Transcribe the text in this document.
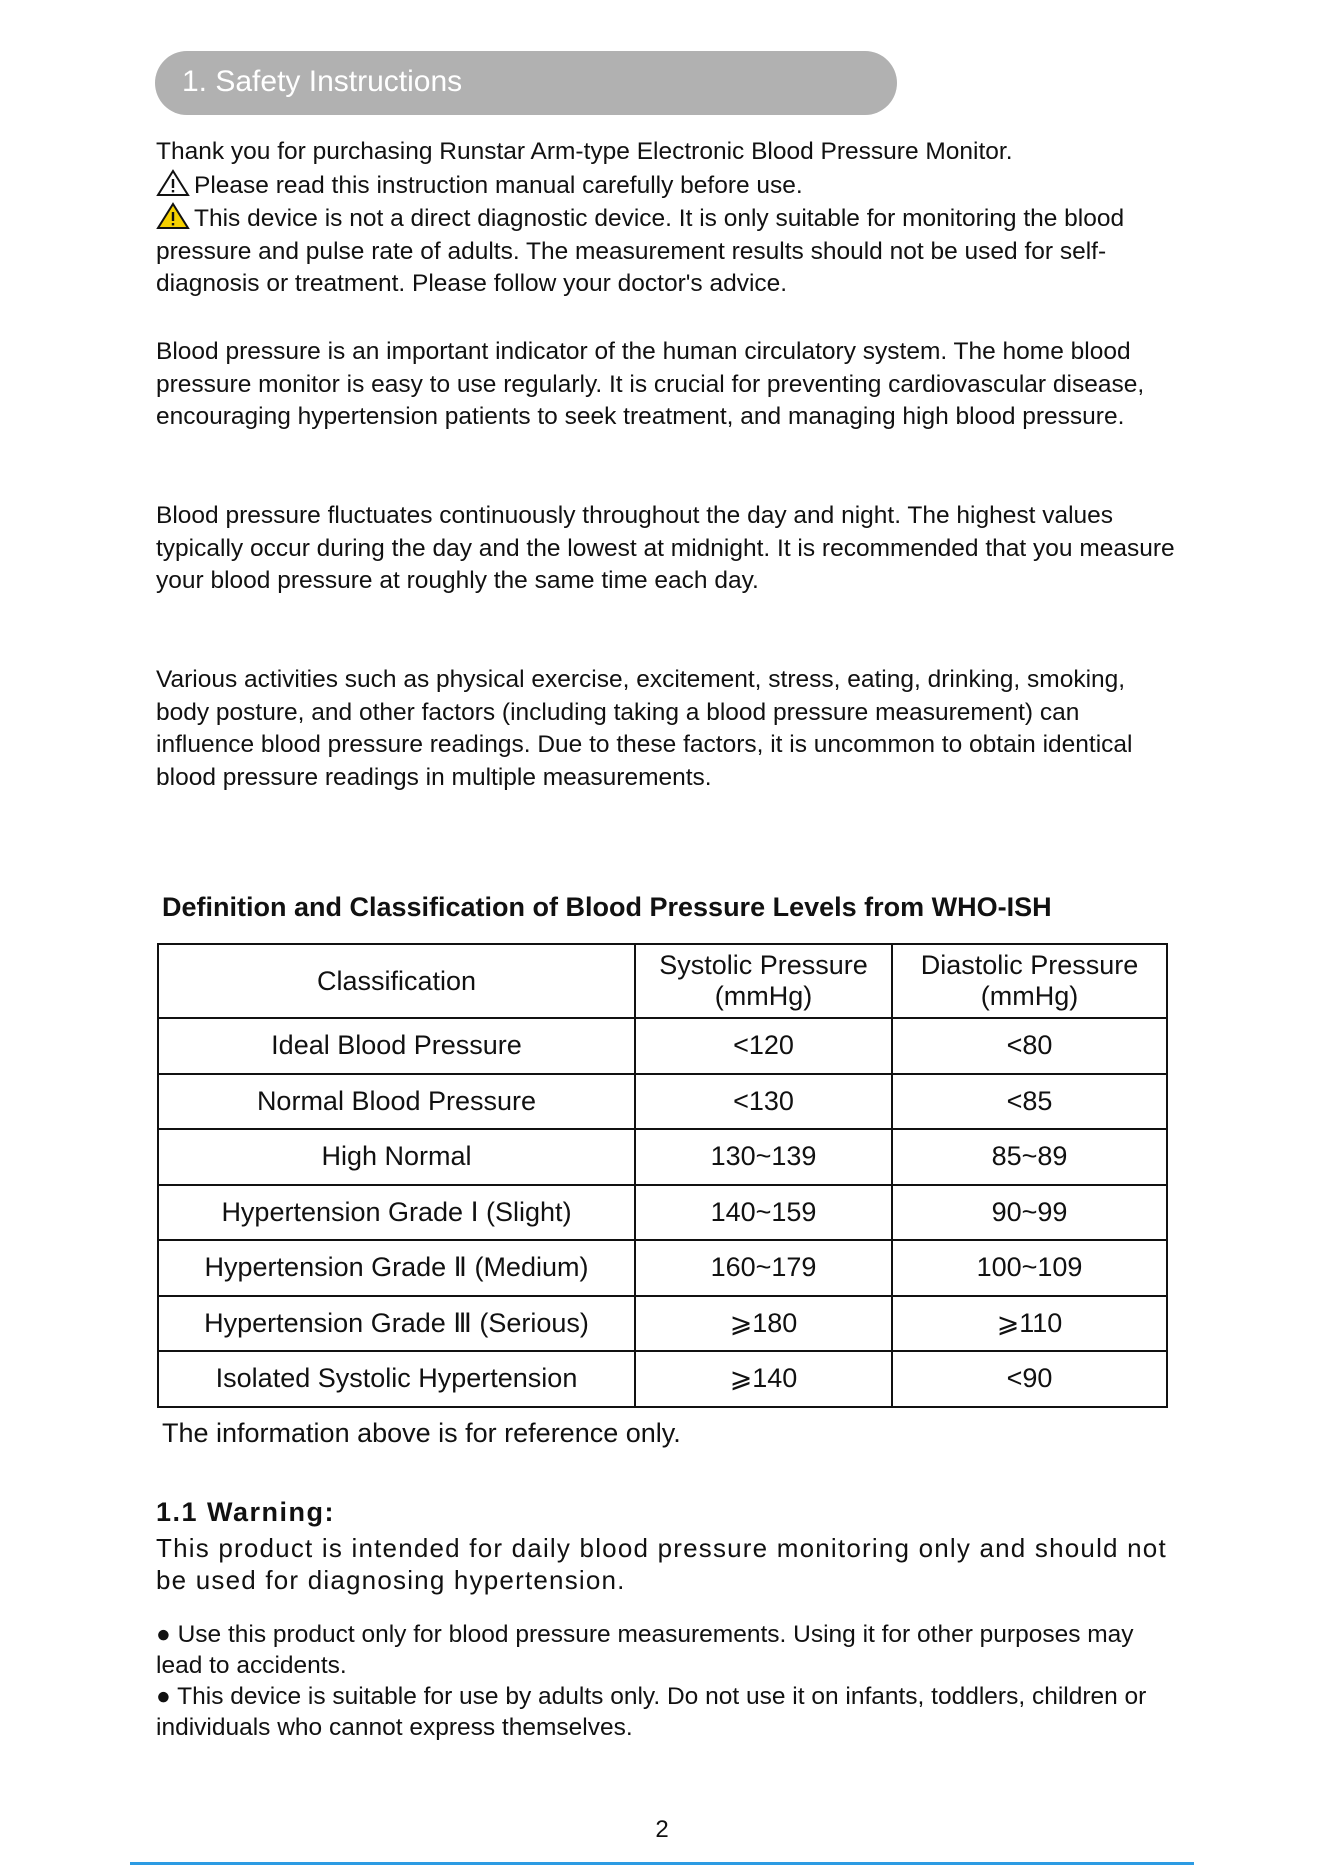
1. Safety Instructions

Thank you for purchasing Runstar Arm-type Electronic Blood Pressure Monitor.

Please read this instruction manual carefully before use.

This device is not a direct diagnostic device. It is only suitable for monitoring the blood pressure and pulse rate of adults. The measurement results should not be used for self-diagnosis or treatment. Please follow your doctor's advice.

Blood pressure is an important indicator of the human circulatory system. The home blood pressure monitor is easy to use regularly. It is crucial for preventing cardiovascular disease, encouraging hypertension patients to seek treatment, and managing high blood pressure.

Blood pressure fluctuates continuously throughout the day and night. The highest values typically occur during the day and the lowest at midnight. It is recommended that you measure your blood pressure at roughly the same time each day.

Various activities such as physical exercise, excitement, stress, eating, drinking, smoking, body posture, and other factors (including taking a blood pressure measurement) can influence blood pressure readings. Due to these factors, it is uncommon to obtain identical blood pressure readings in multiple measurements.

Definition and Classification of Blood Pressure Levels from WHO-ISH
Classification	Systolic Pressure (mmHg)	Diastolic Pressure (mmHg)
Ideal Blood Pressure	<120	<80
Normal Blood Pressure	<130	<85
High Normal	130~139	85~89
Hypertension Grade Ⅰ (Slight)	140~159	90~99
Hypertension Grade Ⅱ (Medium)	160~179	100~109
Hypertension Grade Ⅲ (Serious)	⩾180	⩾110
Isolated Systolic Hypertension	⩾140	<90
The information above is for reference only.
1.1 Warning:
This product is intended for daily blood pressure monitoring only and should not be used for diagnosing hypertension.

● Use this product only for blood pressure measurements. Using it for other purposes may lead to accidents.

● This device is suitable for use by adults only. Do not use it on infants, toddlers, children or individuals who cannot express themselves.

2
